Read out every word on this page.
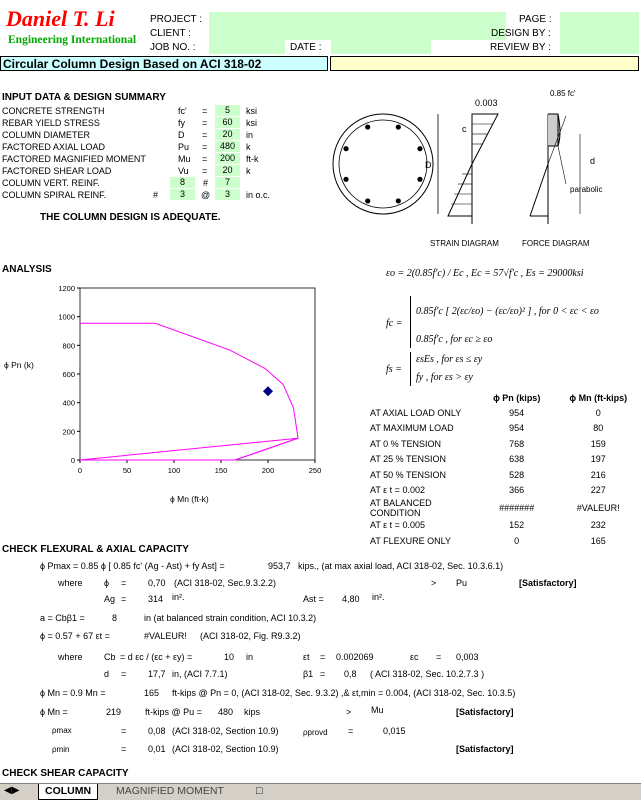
Daniel T. Li
Engineering International
PROJECT :
CLIENT :
JOB NO. :	DATE :
PAGE :
DESIGN BY :
REVIEW BY :
Circular Column Design Based on ACI 318-02
INPUT DATA & DESIGN SUMMARY
CONCRETE STRENGTH	fc' =	5	ksi
REBAR YIELD STRESS	fy =	60	ksi
COLUMN DIAMETER	D =	20	in
FACTORED AXIAL LOAD	Pu =	480	k
FACTORED MAGNIFIED MOMENT	Mu =	200	ft-k
FACTORED SHEAR LOAD	Vu =	20	k
COLUMN VERT. REINF.	8	#	7
COLUMN SPIRAL REINF.	#	3	@	3	in o.c.
THE COLUMN DESIGN IS ADEQUATE.
D
0.003
c
0.85 fc'
parabolic
d
STRAIN DIAGRAM	FORCE DIAGRAM
ANALYSIS
0
200
400
600
800
1000
1200
0	50	100	150	200	250
ϕ Pn (k)
ϕ Mn (ft-k)
εo = 2(0.85f'c) / Ec , Ec = 57√f'c , Es = 29000ksi
fc =
0.85f'c [ 2(εc/εo) − (εc/εo)² ] , for 0 < εc < εo
0.85f'c , for εc ≥ εo
fs =
εsEs , for εs ≤ εy
fy , for εs > εy
	ϕ Pn (kips)	ϕ Mn (ft-kips)
AT AXIAL LOAD ONLY	954	0
AT MAXIMUM LOAD	954	80
AT 0 % TENSION	768	159
AT 25 % TENSION	638	197
AT 50 % TENSION	528	216
AT ε t = 0.002	366	227
AT BALANCED CONDITION	#######	#VALEUR!
AT ε t = 0.005	152	232
AT FLEXURE ONLY	0	165
CHECK FLEXURAL & AXIAL CAPACITY
ϕ Pmax = 0.85 ϕ [ 0.85 fc' (Ag - Ast) + fy Ast] =	953,7 kips., (at max axial load, ACI 318-02, Sec. 10.3.6.1)
where ϕ = 0,70 (ACI 318-02, Sec.9.3.2.2)	> Pu	[Satisfactory]
Ag = 314 in².	Ast = 4,80 in².
a = Cbβ1 =	8	in (at balanced strain condition, ACI 10.3.2)
ϕ = 0.57 + 67 εt =	#VALEUR! (ACI 318-02, Fig. R9.3.2)
where Cb = d εc / (εc + εy) =	10 in	εt = 0.002069	εc = 0,003
d = 17,7 in, (ACI 7.7.1)	β1 = 0,8 ( ACI 318-02, Sec. 10.2.7.3 )
ϕ Mn = 0.9 Mn =	165 ft-kips @ Pn = 0, (ACI 318-02, Sec. 9.3.2) ,& εt,min = 0.004, (ACI 318-02, Sec. 10.3.5)
ϕ Mn =	219	ft-kips @ Pu = 480 kips	> Mu	[Satisfactory]
ρmax	= 0,08 (ACI 318-02, Section 10.9)	ρprovd =	0,015
ρmin	= 0,01 (ACI 318-02, Section 10.9)	[Satisfactory]
CHECK SHEAR CAPACITY
◀▶	COLUMN	MAGNIFIED MOMENT	□
